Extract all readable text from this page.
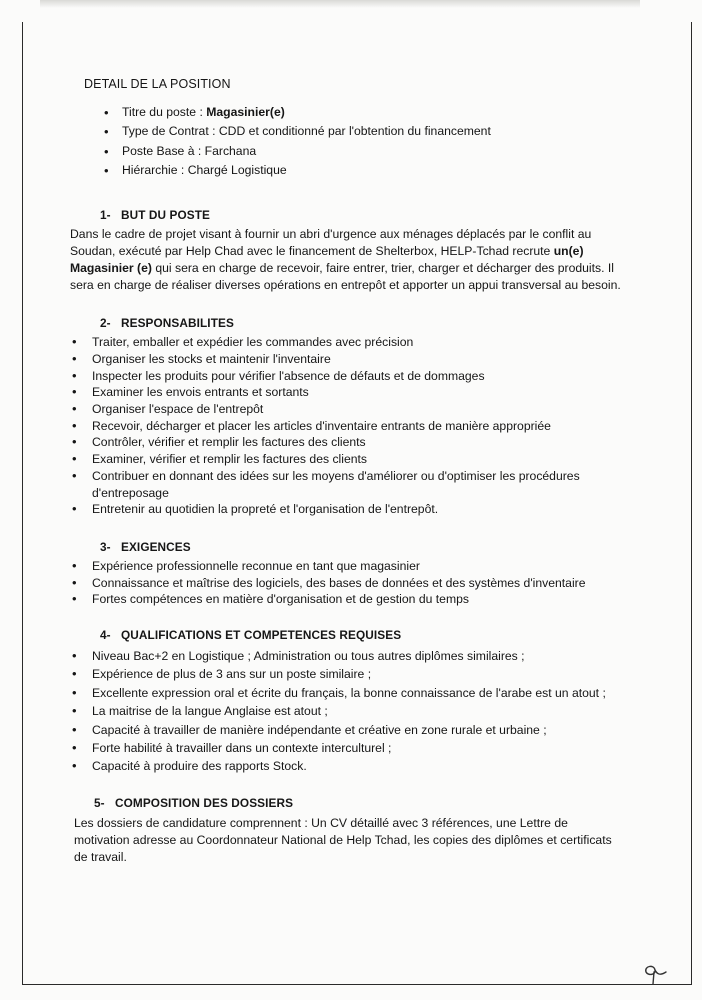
DETAIL DE LA POSITION
• Titre du poste : Magasinier(e)
• Type de Contrat : CDD et conditionné par l'obtention du financement
• Poste Base à : Farchana
• Hiérarchie : Chargé Logistique
1- BUT DU POSTE

Dans le cadre de projet visant à fournir un abri d'urgence aux ménages déplacés par le conflit au Soudan, exécuté par Help Chad avec le financement de Shelterbox, HELP-Tchad recrute un(e) Magasinier (e) qui sera en charge de recevoir, faire entrer, trier, charger et décharger des produits. Il sera en charge de réaliser diverses opérations en entrepôt et apporter un appui transversal au besoin.

2- RESPONSABILITES
• Traiter, emballer et expédier les commandes avec précision
• Organiser les stocks et maintenir l'inventaire
• Inspecter les produits pour vérifier l'absence de défauts et de dommages
• Examiner les envois entrants et sortants
• Organiser l'espace de l'entrepôt
• Recevoir, décharger et placer les articles d'inventaire entrants de manière appropriée
• Contrôler, vérifier et remplir les factures des clients
• Examiner, vérifier et remplir les factures des clients
• Contribuer en donnant des idées sur les moyens d'améliorer ou d'optimiser les procédures d'entreposage
• Entretenir au quotidien la propreté et l'organisation de l'entrepôt.
3- EXIGENCES
• Expérience professionnelle reconnue en tant que magasinier
• Connaissance et maîtrise des logiciels, des bases de données et des systèmes d'inventaire
• Fortes compétences en matière d'organisation et de gestion du temps
4- QUALIFICATIONS ET COMPETENCES REQUISES
• Niveau Bac+2 en Logistique ; Administration ou tous autres diplômes similaires ;
• Expérience de plus de 3 ans sur un poste similaire ;
• Excellente expression oral et écrite du français, la bonne connaissance de l'arabe est un atout ;
• La maitrise de la langue Anglaise est atout ;
• Capacité à travailler de manière indépendante et créative en zone rurale et urbaine ;
• Forte habilité à travailler dans un contexte interculturel ;
• Capacité à produire des rapports Stock.
5- COMPOSITION DES DOSSIERS

Les dossiers de candidature comprennent : Un CV détaillé avec 3 références, une Lettre de motivation adresse au Coordonnateur National de Help Tchad, les copies des diplômes et certificats de travail.
